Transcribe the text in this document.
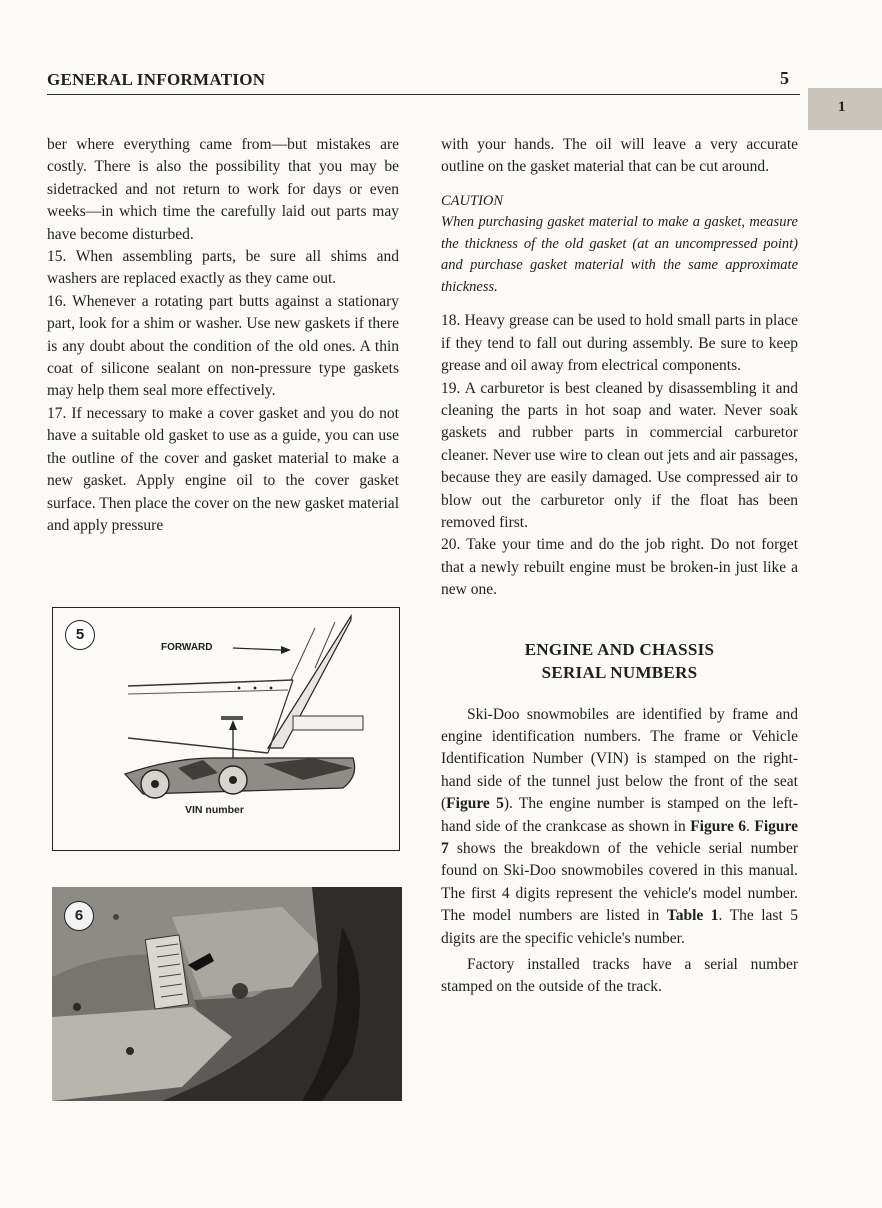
GENERAL INFORMATION	5
1

ber where everything came from—but mistakes are costly. There is also the possibility that you may be sidetracked and not return to work for days or even weeks—in which time the carefully laid out parts may have become disturbed.

15. When assembling parts, be sure all shims and washers are replaced exactly as they came out.

16. Whenever a rotating part butts against a stationary part, look for a shim or washer. Use new gaskets if there is any doubt about the condition of the old ones. A thin coat of silicone sealant on non-pressure type gaskets may help them seal more effectively.

17. If necessary to make a cover gasket and you do not have a suitable old gasket to use as a guide, you can use the outline of the cover and gasket material to make a new gasket. Apply engine oil to the cover gasket surface. Then place the cover on the new gasket material and apply pressure

with your hands. The oil will leave a very accurate outline on the gasket material that can be cut around.

CAUTION

When purchasing gasket material to make a gasket, measure the thickness of the old gasket (at an uncompressed point) and purchase gasket material with the same approximate thickness.

18. Heavy grease can be used to hold small parts in place if they tend to fall out during assembly. Be sure to keep grease and oil away from electrical components.

19. A carburetor is best cleaned by disassembling it and cleaning the parts in hot soap and water. Never soak gaskets and rubber parts in commercial carburetor cleaner. Never use wire to clean out jets and air passages, because they are easily damaged. Use compressed air to blow out the carburetor only if the float has been removed first.

20. Take your time and do the job right. Do not forget that a newly rebuilt engine must be broken-in just like a new one.

ENGINE AND CHASSIS
SERIAL NUMBERS

Ski-Doo snowmobiles are identified by frame and engine identification numbers. The frame or Vehicle Identification Number (VIN) is stamped on the right-hand side of the tunnel just below the front of the seat (Figure 5). The engine number is stamped on the left-hand side of the crankcase as shown in Figure 6. Figure 7 shows the breakdown of the vehicle serial number found on Ski-Doo snowmobiles covered in this manual. The first 4 digits represent the vehicle's model number. The model numbers are listed in Table 1. The last 5 digits are the specific vehicle's number.

Factory installed tracks have a serial number stamped on the outside of the track.

5
FORWARD
VIN number
6
